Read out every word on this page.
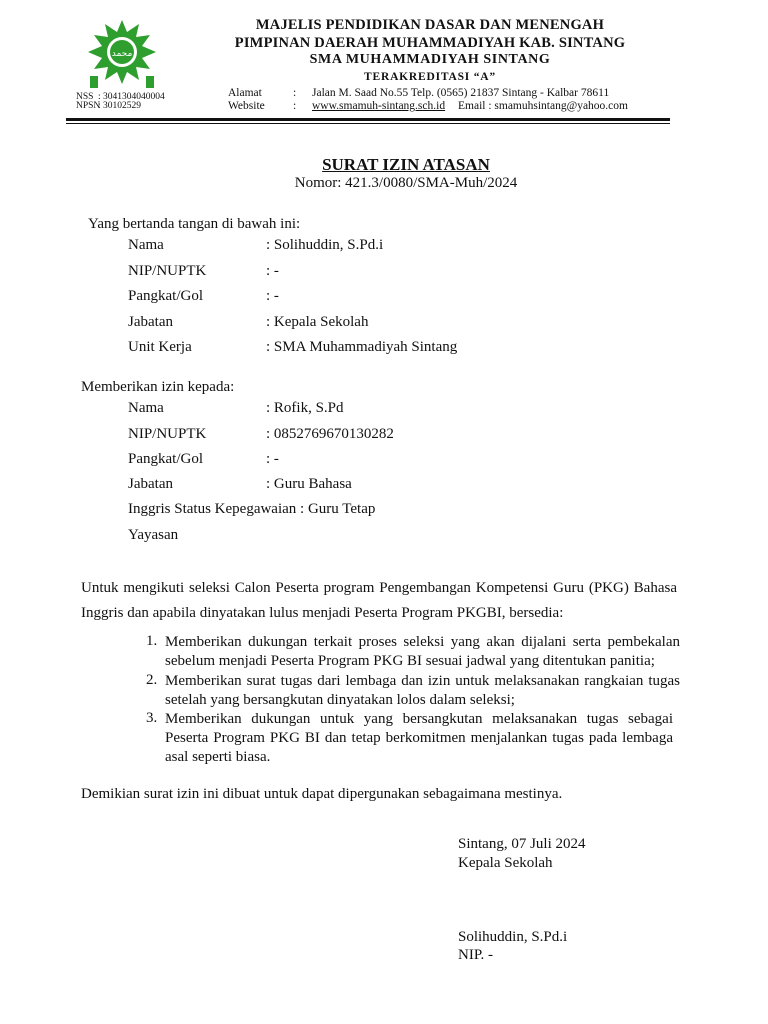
محمد
NSS : 3041304040004
NPSN
: 30102529
MAJELIS PENDIDIKAN DASAR DAN MENENGAH
PIMPINAN DAERAH MUHAMMADIYAH KAB. SINTANG
SMA MUHAMMADIYAH SINTANG
TERAKREDITASI “A”
Alamat	: Jalan M. Saad No.55 Telp. (0565) 21837 Sintang - Kalbar 78611
Website : www.smamuh-sintang.sch.id Email : smamuhsintang@yahoo.com
SURAT IZIN ATASAN
Nomor: 421.3/0080/SMA-Muh/2024
Yang bertanda tangan di bawah ini:
Nama	: Solihuddin, S.Pd.i
NIP/NUPTK	: -
Pangkat/Gol	: -
Jabatan	: Kepala Sekolah
Unit Kerja	: SMA Muhammadiyah Sintang
Memberikan izin kepada:
Nama	: Rofik, S.Pd
NIP/NUPTK	: 0852769670130282
Pangkat/Gol	: -
Jabatan	: Guru Bahasa
Inggris Status Kepegawaian : Guru Tetap
Yayasan
Untuk mengikuti seleksi Calon Peserta program Pengembangan Kompetensi Guru (PKG) Bahasa Inggris dan apabila dinyatakan lulus menjadi Peserta Program PKGBI, bersedia:
1. Memberikan dukungan terkait proses seleksi yang akan dijalani serta pembekalan sebelum menjadi Peserta Program PKG BI sesuai jadwal yang ditentukan panitia;
2. Memberikan surat tugas dari lembaga dan izin untuk melaksanakan rangkaian tugas setelah yang bersangkutan dinyatakan lolos dalam seleksi;
3. Memberikan dukungan untuk yang bersangkutan melaksanakan tugas sebagai Peserta Program PKG BI dan tetap berkomitmen menjalankan tugas pada lembaga asal seperti biasa.
Demikian surat izin ini dibuat untuk dapat dipergunakan sebagaimana mestinya.
Sintang, 07 Juli 2024
Kepala Sekolah
Solihuddin, S.Pd.i
NIP. -
